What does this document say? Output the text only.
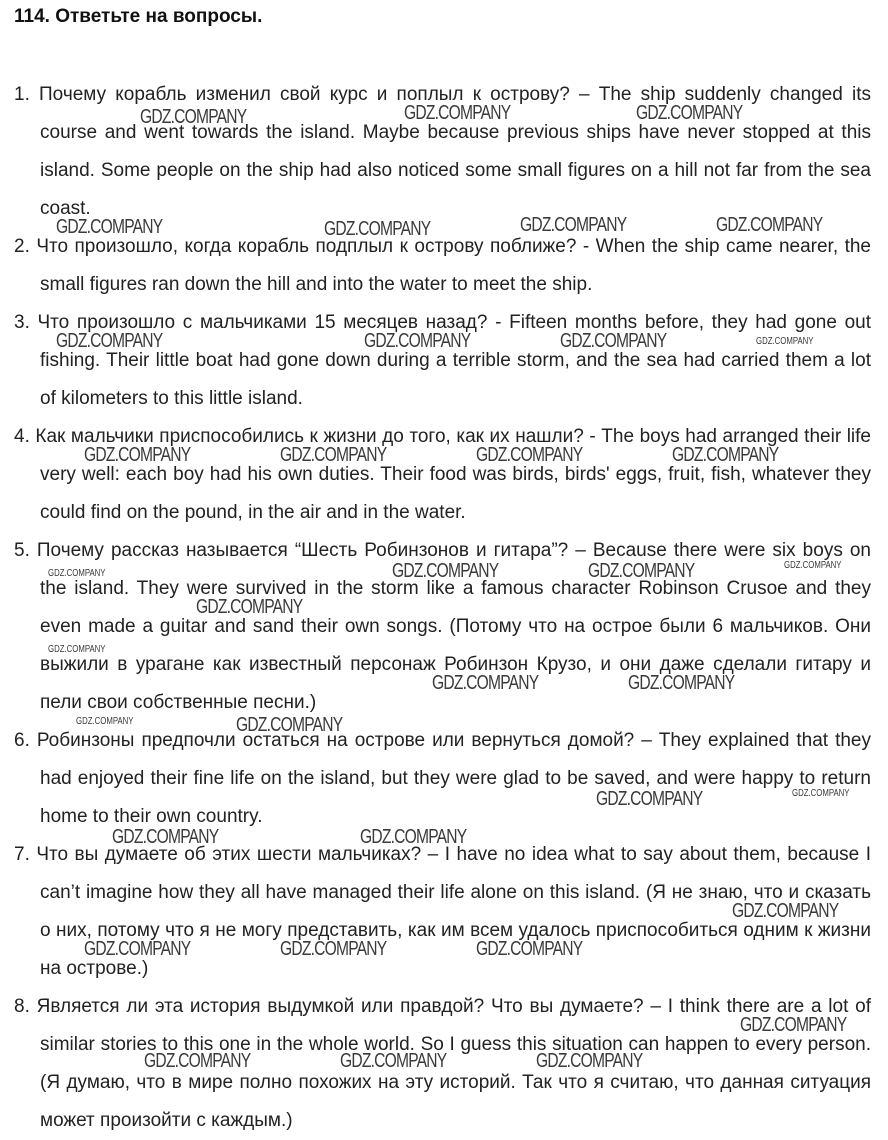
114. Ответьте на вопросы.

1. Почему корабль изменил свой курс и поплыл к острову? – The ship suddenly changed its course and went towards the island. Maybe because previous ships have never stopped at this island. Some people on the ship had also noticed some small figures on a hill not far from the sea coast.

2. Что произошло, когда корабль подплыл к острову поближе? - When the ship came nearer, the small figures ran down the hill and into the water to meet the ship.

3. Что произошло с мальчиками 15 месяцев назад? - Fifteen months before, they had gone out fishing. Their little boat had gone down during a terrible storm, and the sea had carried them a lot of kilometers to this little island.

4. Как мальчики приспособились к жизни до того, как их нашли? - The boys had arranged their life very well: each boy had his own duties. Their food was birds, birds' eggs, fruit, fish, whatever they could find on the pound, in the air and in the water.

5. Почему рассказ называется “Шесть Робинзонов и гитара”? – Because there were six boys on the island. They were survived in the storm like a famous character Robinson Crusoe and they even made a guitar and sand their own songs. (Потому что на острое были 6 мальчиков. Они выжили в урагане как известный персонаж Робинзон Крузо, и они даже сделали гитару и пели свои собственные песни.)

6. Робинзоны предпочли остаться на острове или вернуться домой? – They explained that they had enjoyed their fine life on the island, but they were glad to be saved, and were happy to return home to their own country.

7. Что вы думаете об этих шести мальчиках? – I have no idea what to say about them, because I can’t imagine how they all have managed their life alone on this island. (Я не знаю, что и сказать о них, потому что я не могу представить, как им всем удалось приспособиться одним к жизни на острове.)

8. Является ли эта история выдумкой или правдой? Что вы думаете? – I think there are a lot of similar stories to this one in the whole world. So I guess this situation can happen to every person. (Я думаю, что в мире полно похожих на эту историй. Так что я считаю, что данная ситуация может произойти с каждым.)

GDZ.COMPANY	GDZ.COMPANY	GDZ.COMPANY
GDZ.COMPANY	GDZ.COMPANY	GDZ.COMPANY	GDZ.COMPANY
GDZ.COMPANY	GDZ.COMPANY	GDZ.COMPANY	GDZ.COMPANY
GDZ.COMPANY	GDZ.COMPANY	GDZ.COMPANY	GDZ.COMPANY
GDZ.COMPANY	GDZ.COMPANY	GDZ.COMPANY	GDZ.COMPANY
GDZ.COMPANY
GDZ.COMPANY
GDZ.COMPANY	GDZ.COMPANY
GDZ.COMPANY	GDZ.COMPANY
GDZ.COMPANY	GDZ.COMPANY
GDZ.COMPANY	GDZ.COMPANY
GDZ.COMPANY
GDZ.COMPANY	GDZ.COMPANY	GDZ.COMPANY
GDZ.COMPANY
GDZ.COMPANY	GDZ.COMPANY	GDZ.COMPANY
